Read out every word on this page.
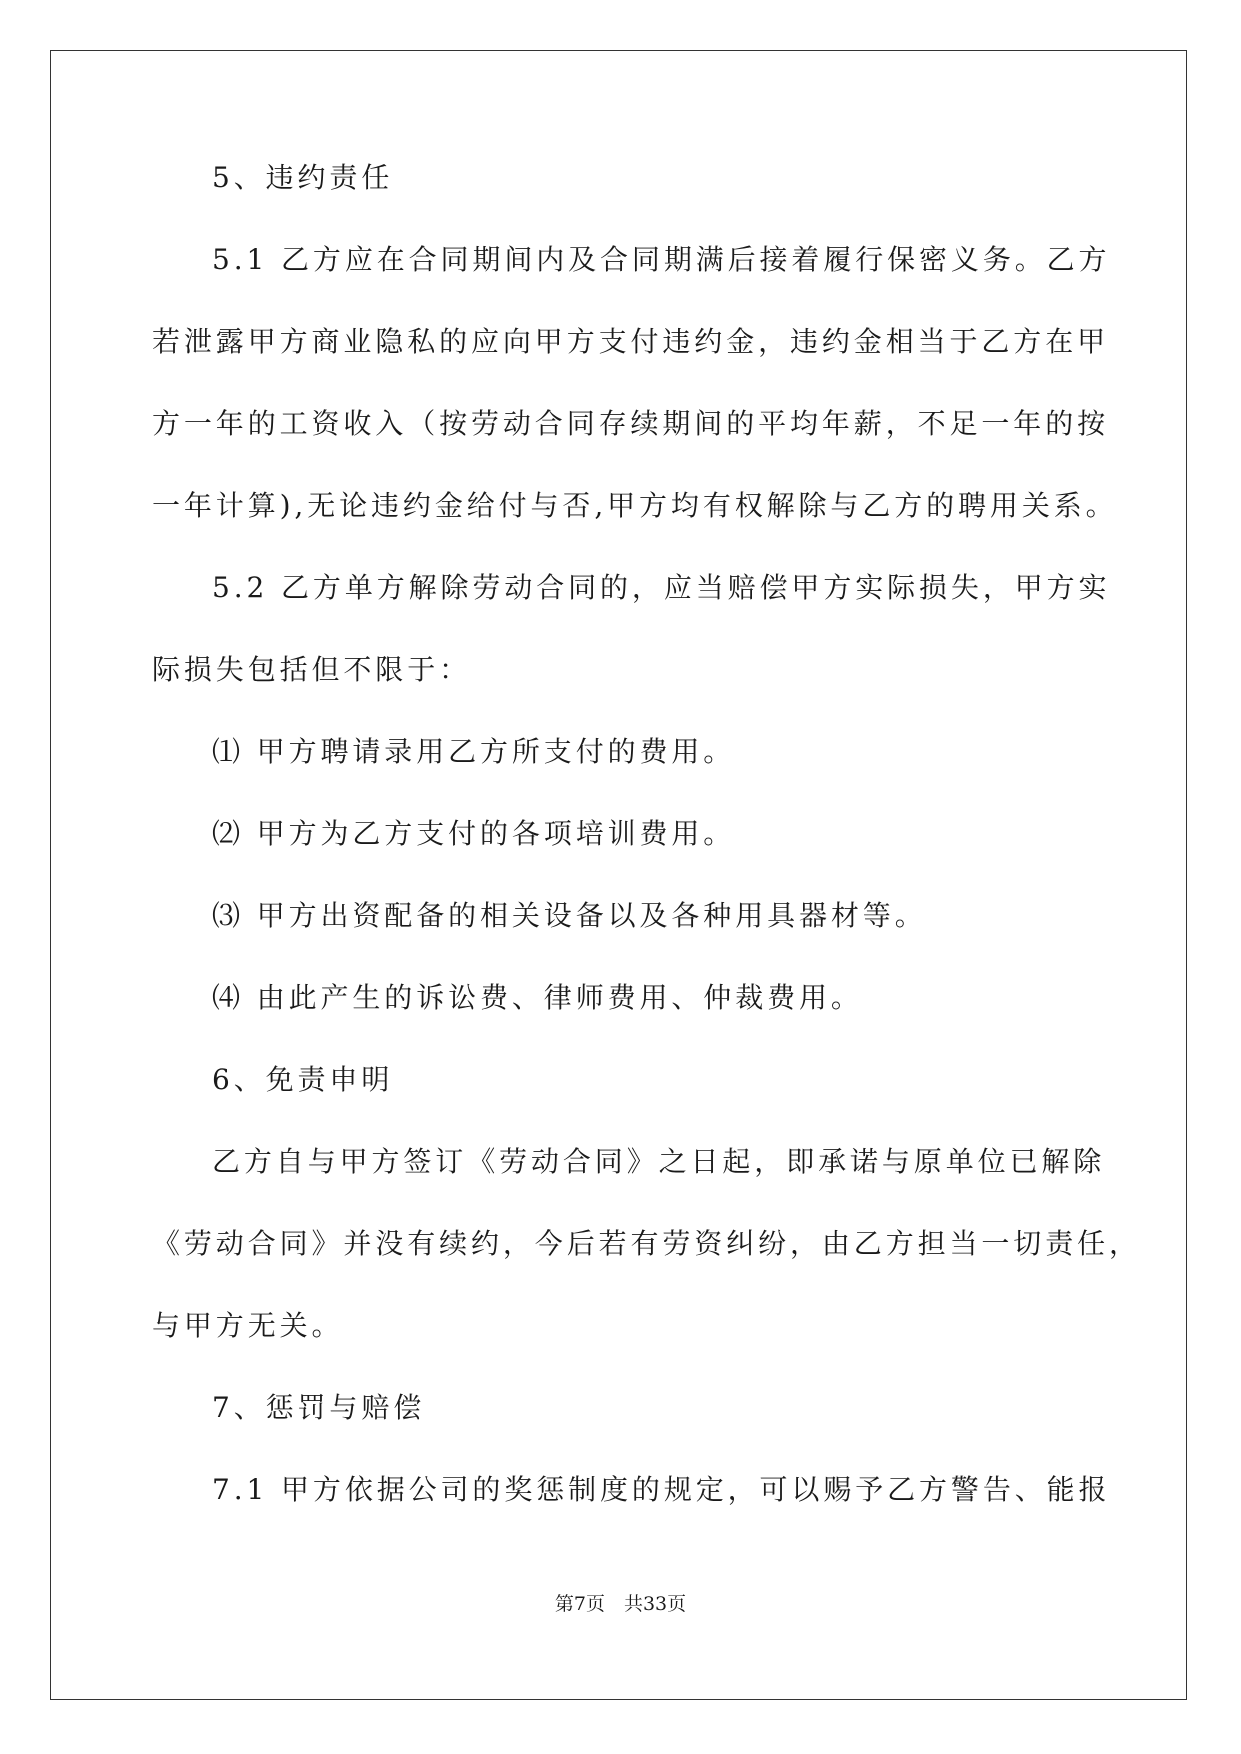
5、违约责任

5.1 乙方应在合同期间内及合同期满后接着履行保密义务。乙方

若泄露甲方商业隐私的应向甲方支付违约金，违约金相当于乙方在甲

方一年的工资收入（按劳动合同存续期间的平均年薪，不足一年的按

一年计算),无论违约金给付与否,甲方均有权解除与乙方的聘用关系。

5.2 乙方单方解除劳动合同的，应当赔偿甲方实际损失，甲方实

际损失包括但不限于：

⑴ 甲方聘请录用乙方所支付的费用。

⑵ 甲方为乙方支付的各项培训费用。

⑶ 甲方出资配备的相关设备以及各种用具器材等。

⑷ 由此产生的诉讼费、律师费用、仲裁费用。

6、免责申明

乙方自与甲方签订《劳动合同》之日起，即承诺与原单位已解除

《劳动合同》并没有续约，今后若有劳资纠纷，由乙方担当一切责任，

与甲方无关。

7、惩罚与赔偿

7.1 甲方依据公司的奖惩制度的规定，可以赐予乙方警告、能报

第7页　共33页
